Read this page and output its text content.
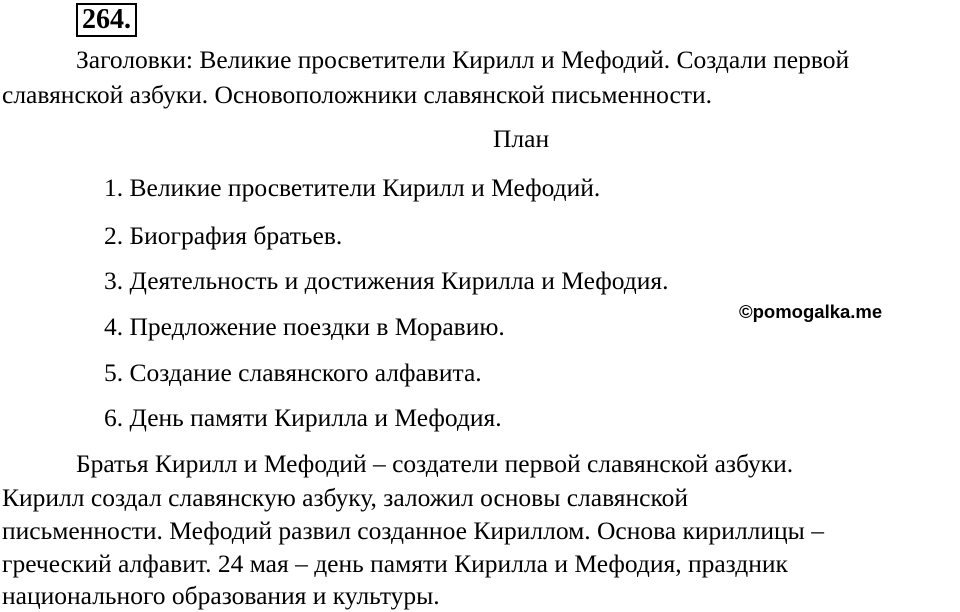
264.
Заголовки: Великие просветители Кирилл и Мефодий. Создали первой
славянской азбуки. Основоположники славянской письменности.
План
1. Великие просветители Кирилл и Мефодий.
2. Биография братьев.
3. Деятельность и достижения Кирилла и Мефодия.
4. Предложение поездки в Моравию.
5. Создание славянского алфавита.
6. День памяти Кирилла и Мефодия.
©pomogalka.me
Братья Кирилл и Мефодий – создатели первой славянской азбуки.
Кирилл создал славянскую азбуку, заложил основы славянской
письменности. Мефодий развил созданное Кириллом. Основа кириллицы –
греческий алфавит. 24 мая – день памяти Кирилла и Мефодия, праздник
национального образования и культуры.
